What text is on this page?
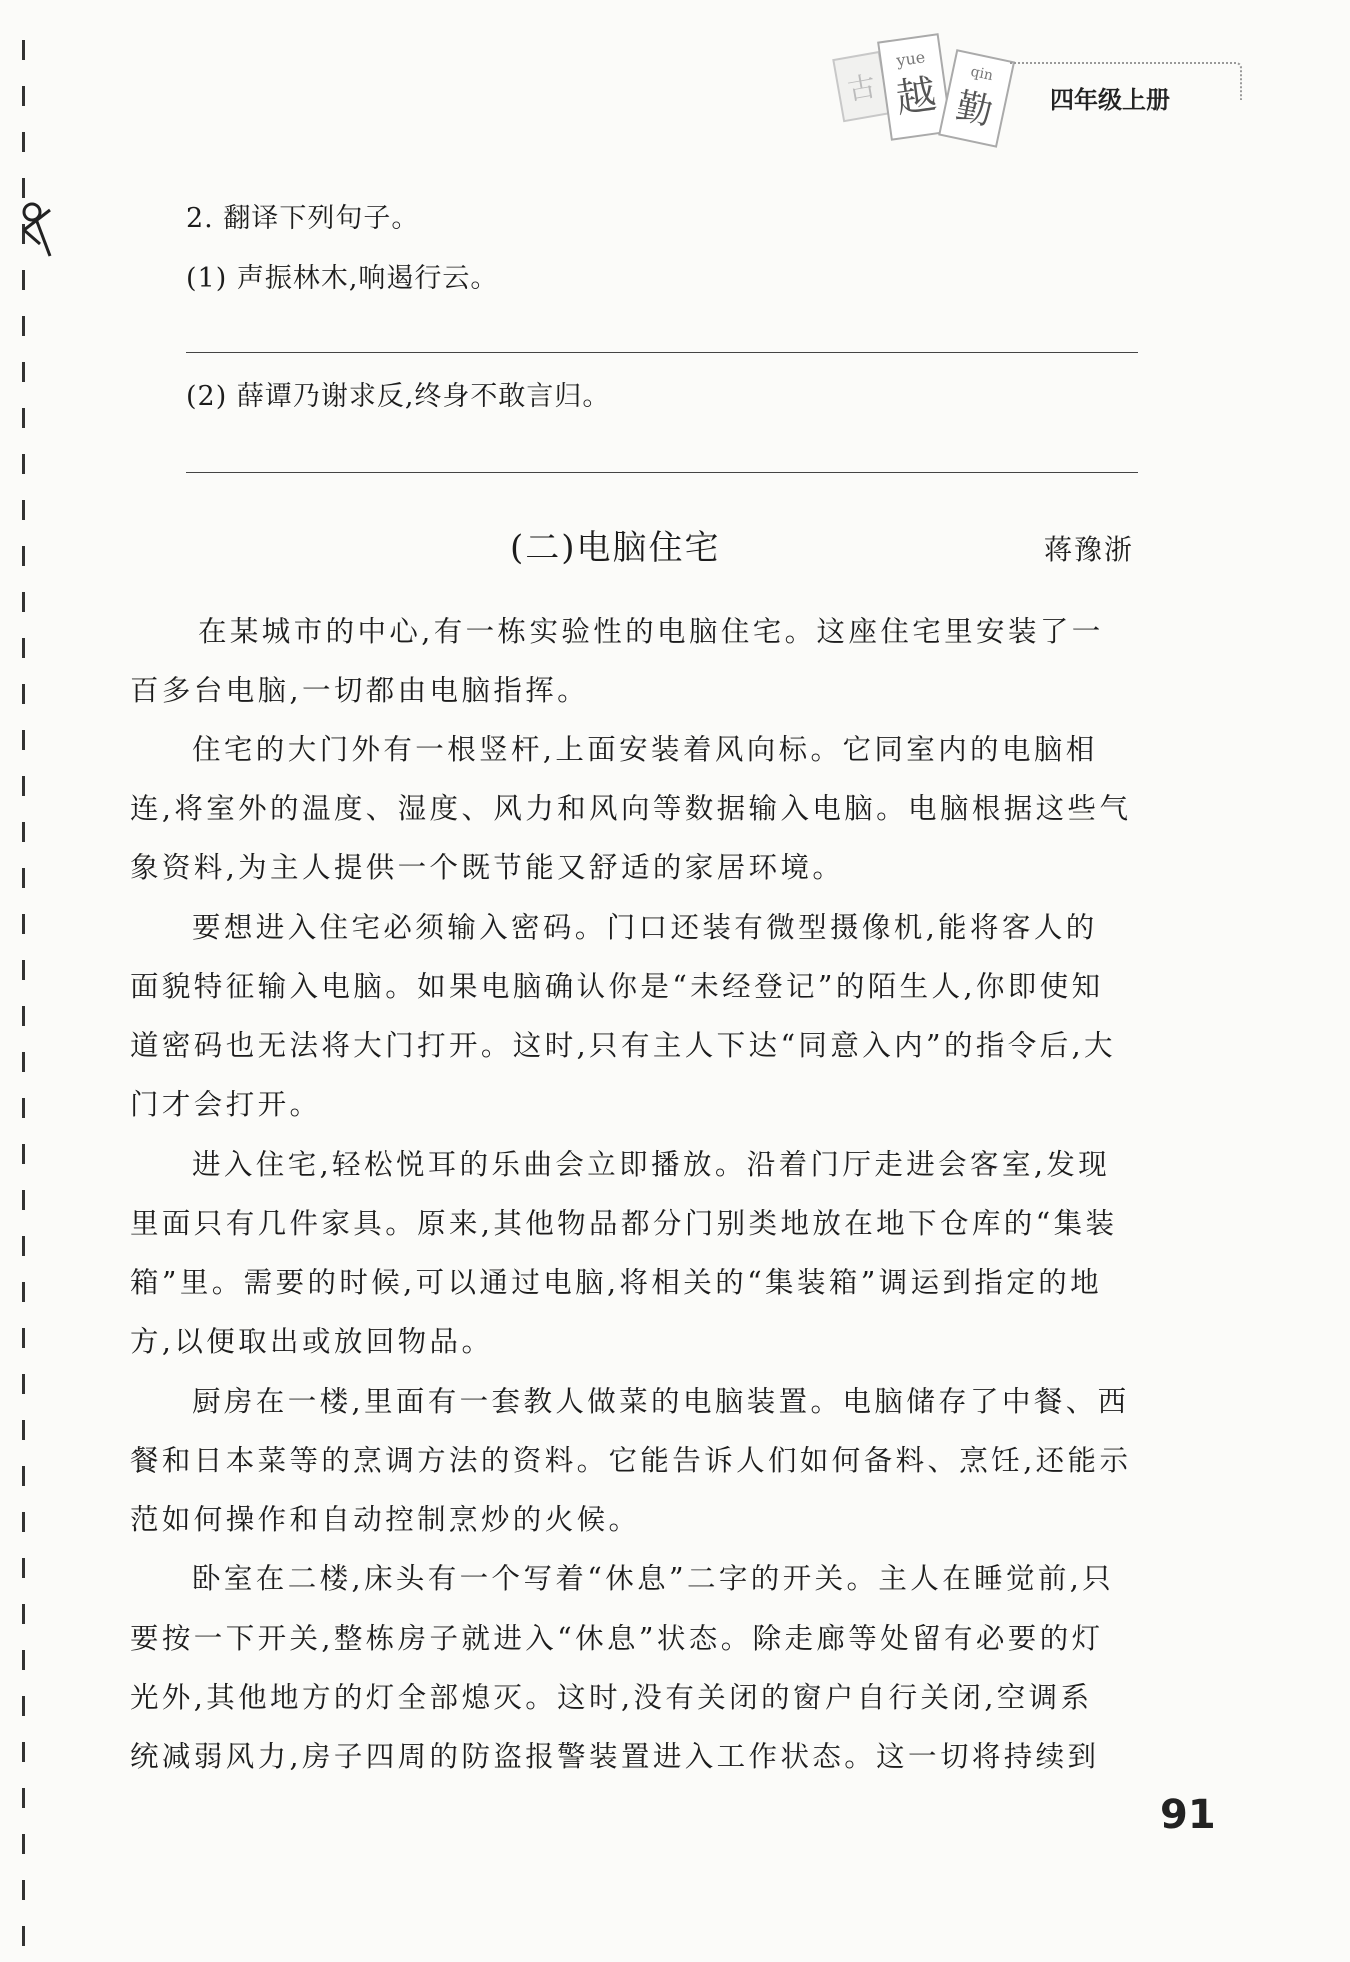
古
yue
越 qin
勤 四年级上册
2. 翻译下列句子。
(1) 声振林木,响遏行云。
(2) 薛谭乃谢求反,终身不敢言归。
(二)电脑住宅	蒋豫浙
在某城市的中心,有一栋实验性的电脑住宅。这座住宅里安装了一
百多台电脑,一切都由电脑指挥。
住宅的大门外有一根竖杆,上面安装着风向标。它同室内的电脑相
连,将室外的温度、湿度、风力和风向等数据输入电脑。电脑根据这些气
象资料,为主人提供一个既节能又舒适的家居环境。
要想进入住宅必须输入密码。门口还装有微型摄像机,能将客人的
面貌特征输入电脑。如果电脑确认你是“未经登记”的陌生人,你即使知
道密码也无法将大门打开。这时,只有主人下达“同意入内”的指令后,大
门才会打开。
进入住宅,轻松悦耳的乐曲会立即播放。沿着门厅走进会客室,发现
里面只有几件家具。原来,其他物品都分门别类地放在地下仓库的“集装
箱”里。需要的时候,可以通过电脑,将相关的“集装箱”调运到指定的地
方,以便取出或放回物品。
厨房在一楼,里面有一套教人做菜的电脑装置。电脑储存了中餐、西
餐和日本菜等的烹调方法的资料。它能告诉人们如何备料、烹饪,还能示
范如何操作和自动控制烹炒的火候。
卧室在二楼,床头有一个写着“休息”二字的开关。主人在睡觉前,只
要按一下开关,整栋房子就进入“休息”状态。除走廊等处留有必要的灯
光外,其他地方的灯全部熄灭。这时,没有关闭的窗户自行关闭,空调系
统减弱风力,房子四周的防盗报警装置进入工作状态。这一切将持续到
91
